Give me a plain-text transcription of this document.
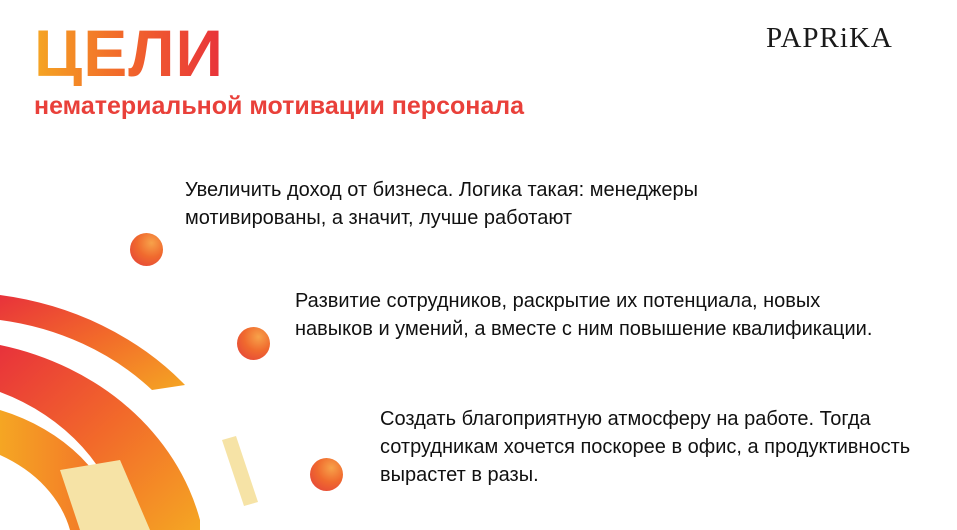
ЦЕЛИ
нематериальной мотивации персонала
PAPRiKA
Увеличить доход от бизнеса. Логика такая: менеджеры мотивированы, а значит, лучше работают
Развитие сотрудников, раскрытие их потенциала, новых навыков и умений, а вместе с ним повышение квалификации.
Создать благоприятную атмосферу на работе. Тогда сотрудникам хочется поскорее в офис, а продуктивность вырастет в разы.
